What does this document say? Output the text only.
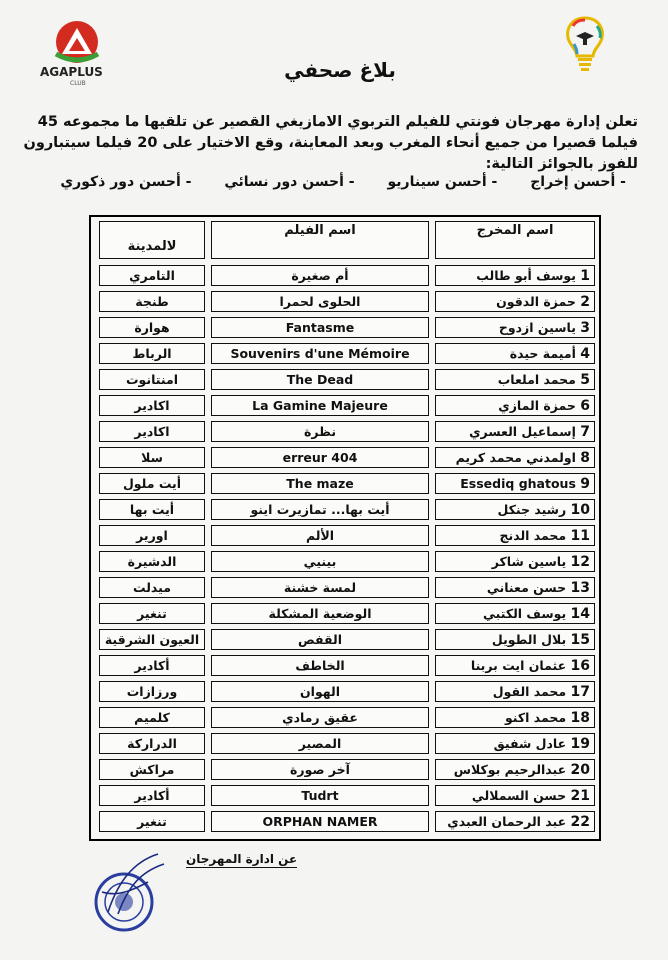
AGAPLUS
CLUB
بلاغ صحفي
تعلن إدارة مهرجان فونتي للفيلم التربوي الامازيغي القصير عن تلقيها ما مجموعه 45 فيلما قصيرا من جميع أنحاء المغرب وبعد المعاينة، وقع الاختيار على 20 فيلما سيتبارون للفوز بالجوائز التالية:
- أحسن إخراج - أحسن سيناريو - أحسن دور نسائي - أحسن دور ذكوري
اسم المخرج
اسم الفيلم
لالمدينة
1 يوسف أبو طالب
أم صغيرة
التامري
2 حمزة الدقون
الحلوى لحمرا
طنجة
3 ياسين ازدوح
Fantasme
هوارة
4 أميمة حيدة
Souvenirs d'une Mémoire
الرباط
5 محمد املعاب
The Dead
امنتانوت
6 حمزة المازي
La Gamine Majeure
اكادير
7 إسماعيل العسري
نظرة
اكادير
8 اولمدني محمد كريم
erreur 404
سلا
9 Essediq ghatous
The maze
أيت ملول
10 رشيد جنكل
أيت بها... تمازيرت اينو
أيت بها
11 محمد الدنج
الألم
اورير
12 ياسين شاكر
بينيي
الدشيرة
13 حسن معناني
لمسة خشنة
ميدلت
14 يوسف الكتبي
الوضعية المشكلة
تنغير
15 بلال الطويل
القفص
العيون الشرقية
16 عثمان ايت بربنا
الخاطف
أكادير
17 محمد القول
الهوان
ورزازات
18 محمد اكنو
عقيق رمادي
كلميم
19 عادل شفيق
المصير
الدراركة
20 عبدالرحيم بوكلاس
آخر صورة
مراكش
21 حسن السملالي
Tudrt
أكادير
22 عبد الرحمان العبدي
ORPHAN NAMER
تنغير
عن ادارة المهرجان
